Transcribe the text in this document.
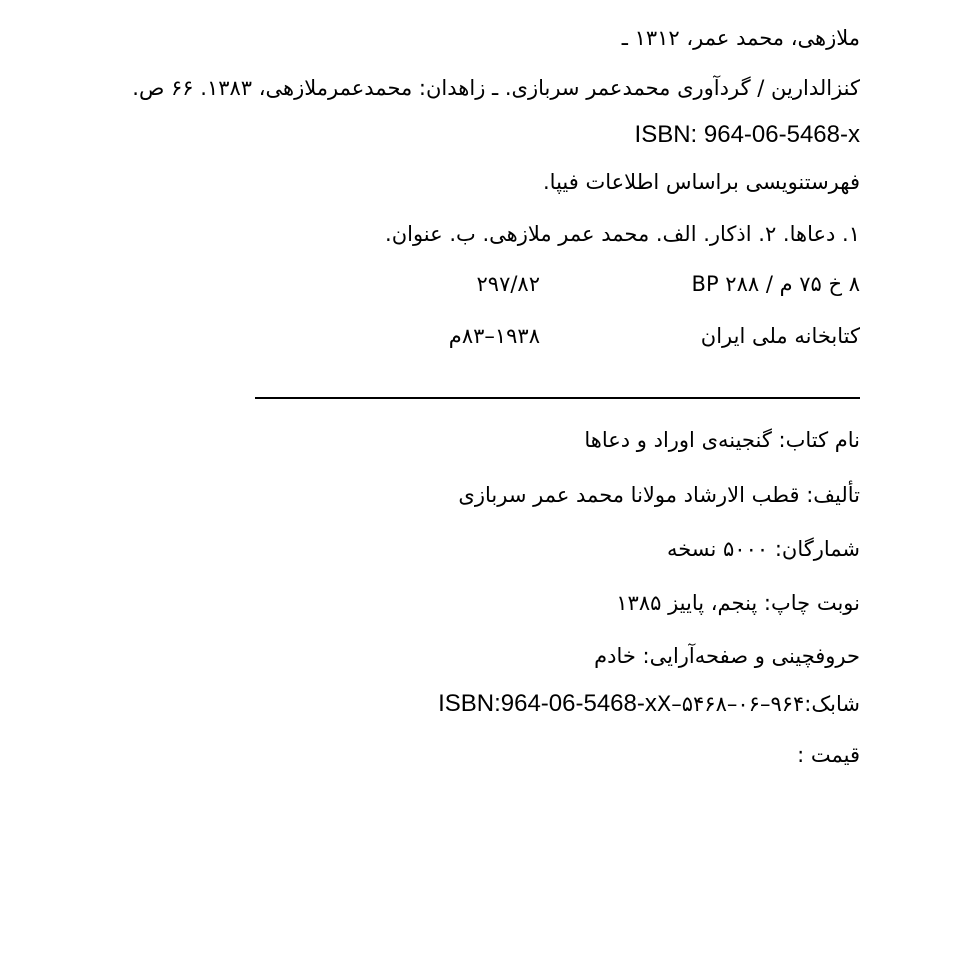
ملازهی، محمد عمر، ۱۳۱۲ ـ
کنزالدارین / گردآوری محمدعمر سربازی. ـ زاهدان: محمدعمرملازهی، ۱۳۸۳. ۶۶ ص.
ISBN: 964-06-5468-x
فهرستنویسی براساس اطلاعات فیپا.
۱. دعاها. ۲. اذکار. الف. محمد عمر ملازهی. ب. عنوان.
۸ خ ۷۵ م / ۲۸۸ BP
۲۹۷/۸۲
کتابخانه ملی ایران
۱۹۳۸–۸۳م
نام کتاب: گنجینه‌ی اوراد و دعاها
تألیف: قطب الارشاد مولانا محمد عمر سربازی
شمارگان: ۵۰۰۰ نسخه
نوبت چاپ: پنجم، پاییز ۱۳۸۵
حروفچینی و صفحه‌آرایی: خادم
شابک:۹۶۴–۰۶–۵۴۶۸–XISBN:964-06-5468-x
قیمت :
